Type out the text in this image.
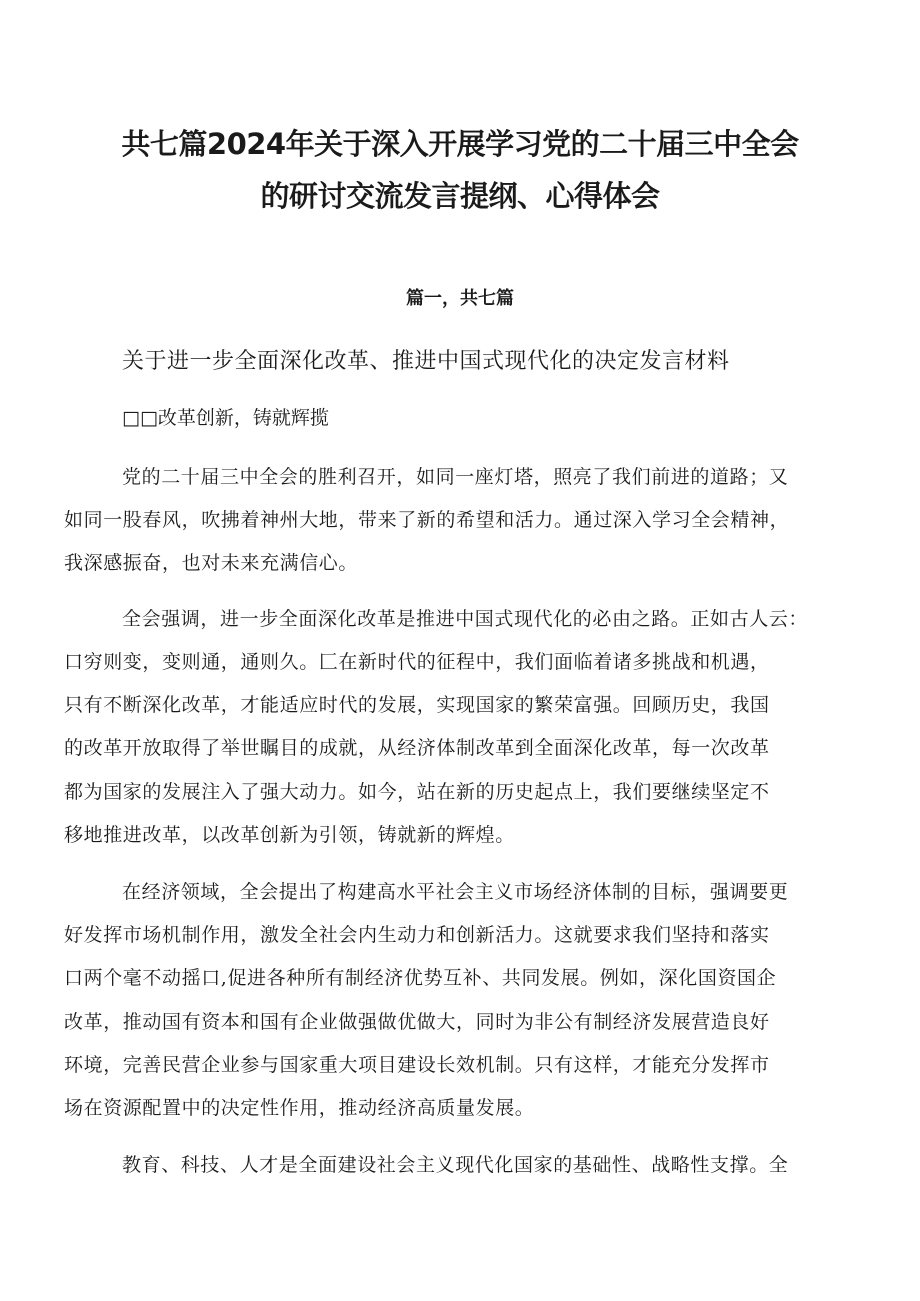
共七篇2024年关于深入开展学习党的二十届三中全会 的研讨交流发言提纲、心得体会
篇一，共七篇
关于进一步全面深化改革、推进中国式现代化的决定发言材料
□□改革创新，铸就辉揽
党的二十届三中全会的胜利召开，如同一座灯塔，照亮了我们前进的道路；又
如同一股春风，吹拂着神州大地，带来了新的希望和活力。通过深入学习全会精神，
我深感振奋，也对未来充满信心。
全会强调，进一步全面深化改革是推进中国式现代化的必由之路。正如古人云：
口穷则变，变则通，通则久。匚在新时代的征程中，我们面临着诸多挑战和机遇，
只有不断深化改革，才能适应时代的发展，实现国家的繁荣富强。回顾历史，我国
的改革开放取得了举世瞩目的成就，从经济体制改革到全面深化改革，每一次改革
都为国家的发展注入了强大动力。如今，站在新的历史起点上，我们要继续坚定不
移地推进改革，以改革创新为引领，铸就新的辉煌。
在经济领域，全会提出了构建高水平社会主义市场经济体制的目标，强调要更
好发挥市场机制作用，激发全社会内生动力和创新活力。这就要求我们坚持和落实
口两个毫不动摇口,促进各种所有制经济优势互补、共同发展。例如，深化国资国企
改革，推动国有资本和国有企业做强做优做大，同时为非公有制经济发展营造良好
环境，完善民营企业参与国家重大项目建设长效机制。只有这样，才能充分发挥市
场在资源配置中的决定性作用，推动经济高质量发展。
教育、科技、人才是全面建设社会主义现代化国家的基础性、战略性支撑。全
